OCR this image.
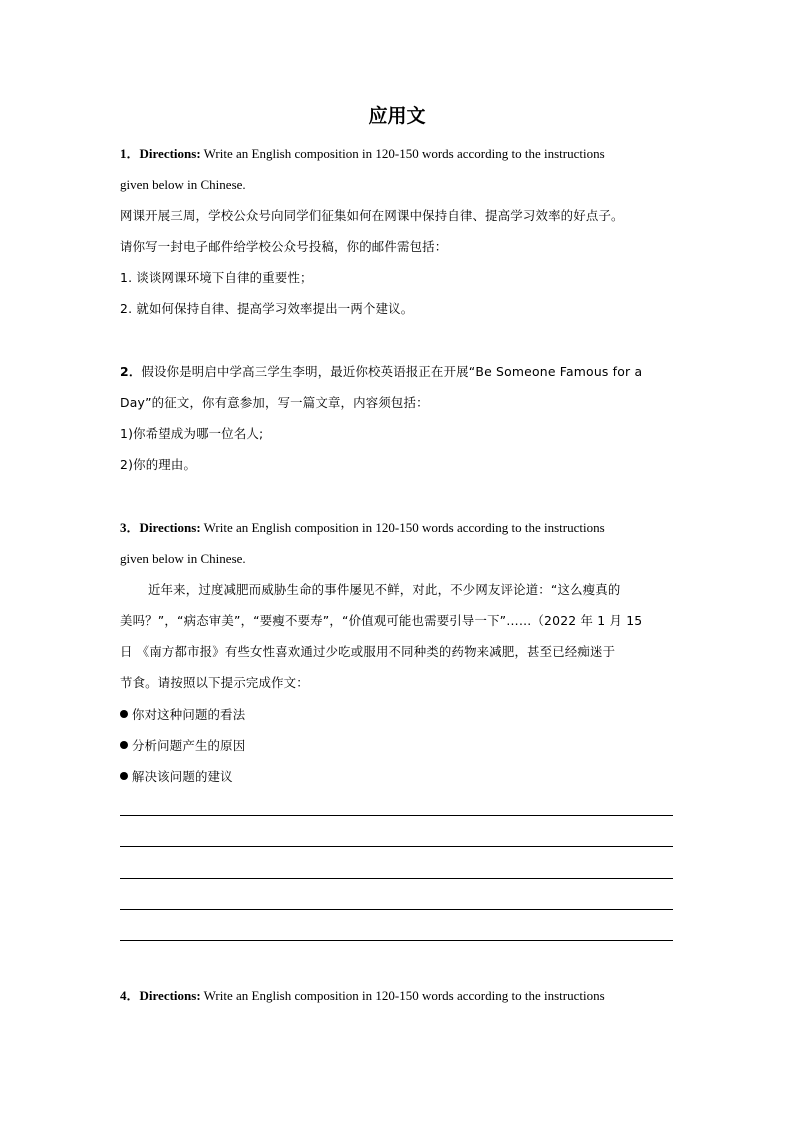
应用文
1．Directions: Write an English composition in 120-150 words according to the instructions
given below in Chinese.
网课开展三周，学校公众号向同学们征集如何在网课中保持自律、提高学习效率的好点子。
请你写一封电子邮件给学校公众号投稿，你的邮件需包括：
1. 谈谈网课环境下自律的重要性；
2. 就如何保持自律、提高学习效率提出一两个建议。
2．假设你是明启中学高三学生李明，最近你校英语报正在开展“Be Someone Famous for a
Day”的征文，你有意参加，写一篇文章，内容须包括：
1)你希望成为哪一位名人;
2)你的理由。
3．Directions: Write an English composition in 120-150 words according to the instructions
given below in Chinese.
近年来，过度减肥而威胁生命的事件屡见不鲜，对此，不少网友评论道：“这么瘦真的
美吗？”，“病态审美”，“要瘦不要寿”，“价值观可能也需要引导一下”……（2022 年 1 月 15
日 《南方都市报》有些女性喜欢通过少吃或服用不同种类的药物来减肥，甚至已经痴迷于
节食。请按照以下提示完成作文：
你对这种问题的看法
分析问题产生的原因
解决该问题的建议
4．Directions: Write an English composition in 120-150 words according to the instructions
